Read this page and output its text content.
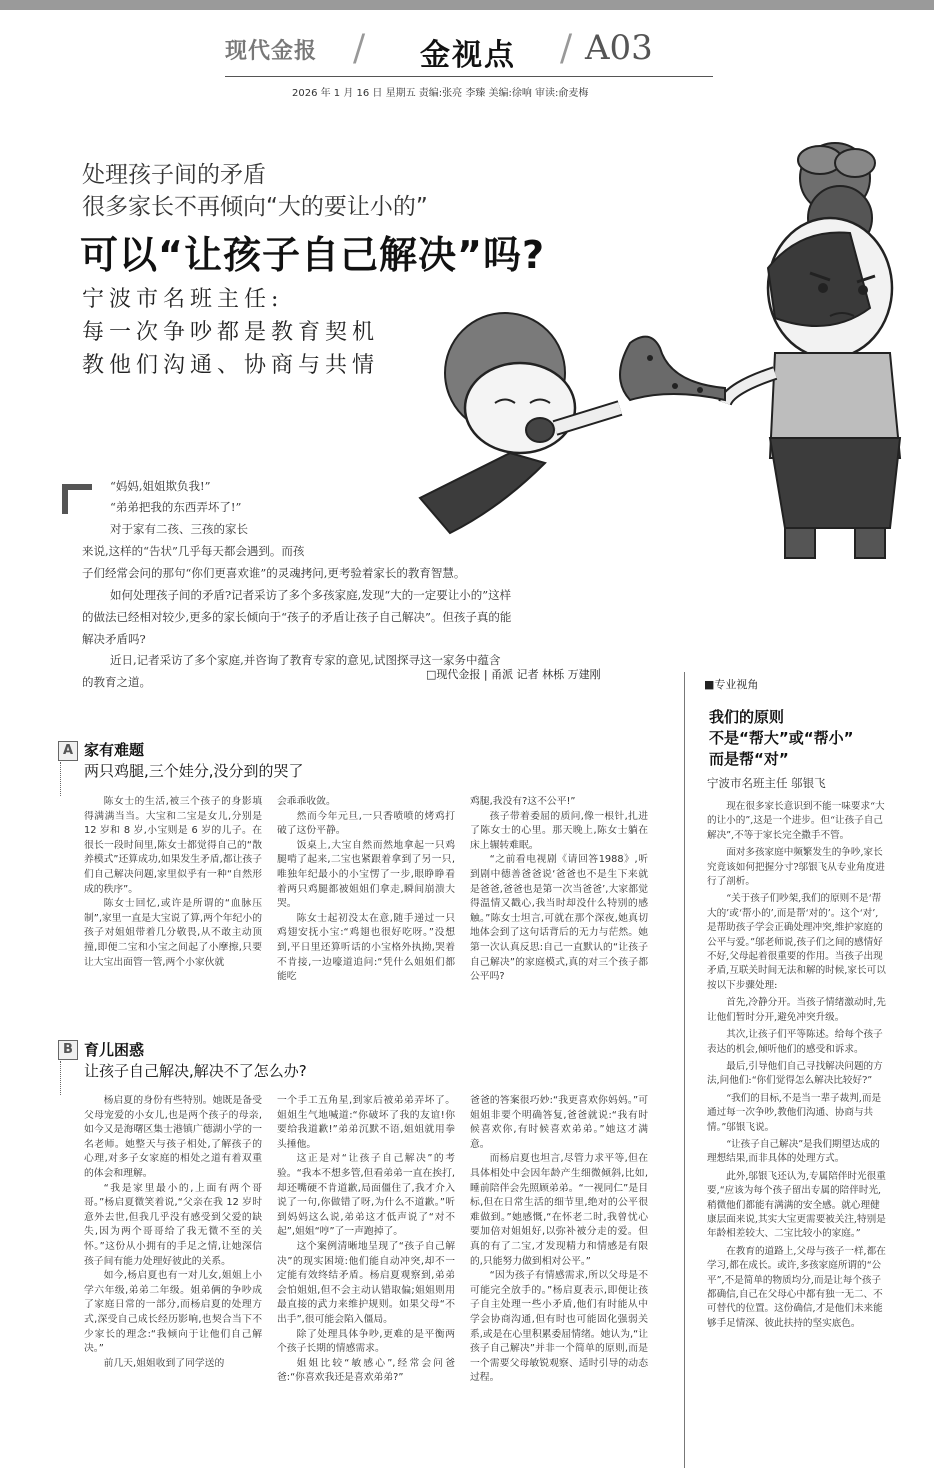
现代金报 / 金视点 / A03
2026 年 1 月 16 日 星期五 责编:张亮 李臻 美编:徐响 审读:俞麦梅
处理孩子间的矛盾
很多家长不再倾向“大的要让小的”
可以“让孩子自己解决”吗?
宁波市名班主任:
每一次争吵都是教育契机
教他们沟通、协商与共情
“妈妈,姐姐欺负我!”
“弟弟把我的东西弄坏了!”
对于家有二孩、三孩的家长
来说,这样的“告状”几乎每天都会遇到。而孩
子们经常会问的那句“你们更喜欢谁”的灵魂拷问,更考验着家长的教育智慧。
如何处理孩子间的矛盾?记者采访了多个多孩家庭,发现“大的一定要让小的”这样
的做法已经相对较少,更多的家长倾向于“孩子的矛盾让孩子自己解决”。但孩子真的能
解决矛盾吗?
近日,记者采访了多个家庭,并咨询了教育专家的意见,试图探寻这一家务中蕴含
的教育之道。
□现代金报 | 甬派 记者 林栎 万建刚
■专业视角
我们的原则
不是“帮大”或“帮小”
而是帮“对”
宁波市名班主任 邬银飞

现在很多家长意识到不能一味要求“大的让小的”,这是一个进步。但“让孩子自己解决”,不等于家长完全撒手不管。

面对多孩家庭中频繁发生的争吵,家长究竟该如何把握分寸?邬银飞从专业角度进行了剖析。

“关于孩子们吵架,我们的原则不是‘帮大的’或‘帮小的’,而是帮‘对的’。这个‘对’,是帮助孩子学会正确处理冲突,维护家庭的公平与爱。”邬老师说,孩子们之间的感情好不好,父母起着很重要的作用。当孩子出现矛盾,互联关时间无法和解的时候,家长可以按以下步骤处理:

首先,冷静分开。当孩子情绪激动时,先让他们暂时分开,避免冲突升级。

其次,让孩子们平等陈述。给每个孩子表达的机会,倾听他们的感受和诉求。

最后,引导他们自己寻找解决问题的方法,问他们:“你们觉得怎么解决比较好?”

“我们的目标,不是当一辈子裁判,而是通过每一次争吵,教他们沟通、协商与共情。”邬银飞说。

“让孩子自己解决”是我们期望达成的理想结果,而非具体的处理方式。

此外,邬银飞还认为,专属陪伴时光很重要,“应该为每个孩子留出专属的陪伴时光,稍微他们都能有满满的安全感。就心理健康层面来说,其实大宝更需要被关注,特别是年龄相差较大、二宝比较小的家庭。”

在教育的道路上,父母与孩子一样,都在学习,都在成长。或许,多孩家庭所谓的“公平”,不是简单的物质均分,而是让每个孩子都确信,自己在父母心中都有独一无二、不可替代的位置。这份确信,才是他们未来能够手足情深、彼此扶持的坚实底色。

A 家有难题
两只鸡腿,三个娃分,没分到的哭了

陈女士的生活,被三个孩子的身影填得满满当当。大宝和二宝是女儿,分别是 12 岁和 8 岁,小宝则是 6 岁的儿子。在很长一段时间里,陈女士都觉得自己的“散养模式”还算成功,如果发生矛盾,都让孩子们自己解决问题,家里似乎有一种“自然形成的秩序”。

陈女士回忆,或许是所谓的“血脉压制”,家里一直是大宝说了算,两个年纪小的孩子对姐姐带着几分敬畏,从不敢主动顶撞,即便二宝和小宝之间起了小摩擦,只要让大宝出面管一管,两个小家伙就

会乖乖收敛。

然而今年元旦,一只香喷喷的烤鸡打破了这份平静。

饭桌上,大宝自然而然地拿起一只鸡腿啃了起来,二宝也紧跟着拿到了另一只,唯独年纪最小的小宝愣了一步,眼睁睁看着两只鸡腿都被姐姐们拿走,瞬间崩溃大哭。

陈女士起初没太在意,随手递过一只鸡翅安抚小宝:“鸡翅也很好吃呀。”没想到,平日里还算听话的小宝格外执拗,哭着不肯接,一边嚎道追问:“凭什么姐姐们都能吃

鸡腿,我没有?这不公平!”

孩子带着委屈的质问,像一根针,扎进了陈女士的心里。那天晚上,陈女士躺在床上辗转难眠。

“之前看电视剧《请回答1988》,听到剧中德善爸爸说‘爸爸也不是生下来就是爸爸,爸爸也是第一次当爸爸’,大家都觉得温情又戳心,我当时却没什么特别的感触。”陈女士坦言,可就在那个深夜,她真切地体会到了这句话背后的无力与茫然。她第一次认真反思:自己一直默认的“让孩子自己解决”的家庭模式,真的对三个孩子都公平吗?

B 育儿困惑
让孩子自己解决,解决不了怎么办?

杨启夏的身份有些特别。她既是备受父母宠爱的小女儿,也是两个孩子的母亲,如今又是海曙区集士港镇广德湖小学的一名老师。她整天与孩子相处,了解孩子的心理,对多子女家庭的相处之道有着双重的体会和理解。

“我是家里最小的,上面有两个哥哥。”杨启夏微笑着说,“父亲在我 12 岁时意外去世,但我几乎没有感受到父爱的缺失,因为两个哥哥给了我无微不至的关怀。”这份从小拥有的手足之情,让她深信孩子间有能力处理好彼此的关系。

如今,杨启夏也有一对儿女,姐姐上小学六年级,弟弟二年级。姐弟俩的争吵成了家庭日常的一部分,而杨启夏的处理方式,深受自己成长经历影响,也契合当下不少家长的理念:“我倾向于让他们自己解决。”

前几天,姐姐收到了同学送的

一个手工五角星,到家后被弟弟弄坏了。姐姐生气地喊道:“你破坏了我的友谊!你要给我道歉!”弟弟沉默不语,姐姐就用拳头捶他。

这正是对“让孩子自己解决”的考验。“我本不想多管,但看弟弟一直在挨打,却还嘴硬不肯道歉,局面僵住了,我才介入说了一句,你做错了呀,为什么不道歉。”听到妈妈这么说,弟弟这才低声说了“对不起”,姐姐“哼”了一声跑掉了。

这个案例清晰地呈现了“孩子自己解决”的现实困境:他们能自动冲突,却不一定能有效终结矛盾。杨启夏观察到,弟弟会怕姐姐,但不会主动认错取偏;姐姐则用最直接的武力来维护规则。如果父母“不出手”,很可能会陷入僵局。

除了处理具体争吵,更难的是平衡两个孩子长期的情感需求。

姐姐比较“敏感心”,经常会问爸爸:“你喜欢我还是喜欢弟弟?”

爸爸的答案很巧妙:“我更喜欢你妈妈。”可姐姐非要个明确答复,爸爸就说:“我有时候喜欢你,有时候喜欢弟弟。”她这才满意。

而杨启夏也坦言,尽管力求平等,但在具体相处中会因年龄产生细微倾斜,比如,睡前陪伴会先照顾弟弟。“一视同仁”是目标,但在日常生活的细节里,绝对的公平很难做到。”她感慨,“在怀老二时,我曾忧心要加倍对姐姐好,以弥补被分走的爱。但真的有了二宝,才发现精力和情感是有限的,只能努力做到相对公平。”

“因为孩子有情感需求,所以父母是不可能完全放手的。”杨启夏表示,即便让孩子自主处理一些小矛盾,他们有时能从中学会协商沟通,但有时也可能固化强弱关系,或是在心里积累委屈情绪。她认为,“让孩子自己解决”并非一个简单的原则,而是一个需要父母敏锐观察、适时引导的动态过程。
